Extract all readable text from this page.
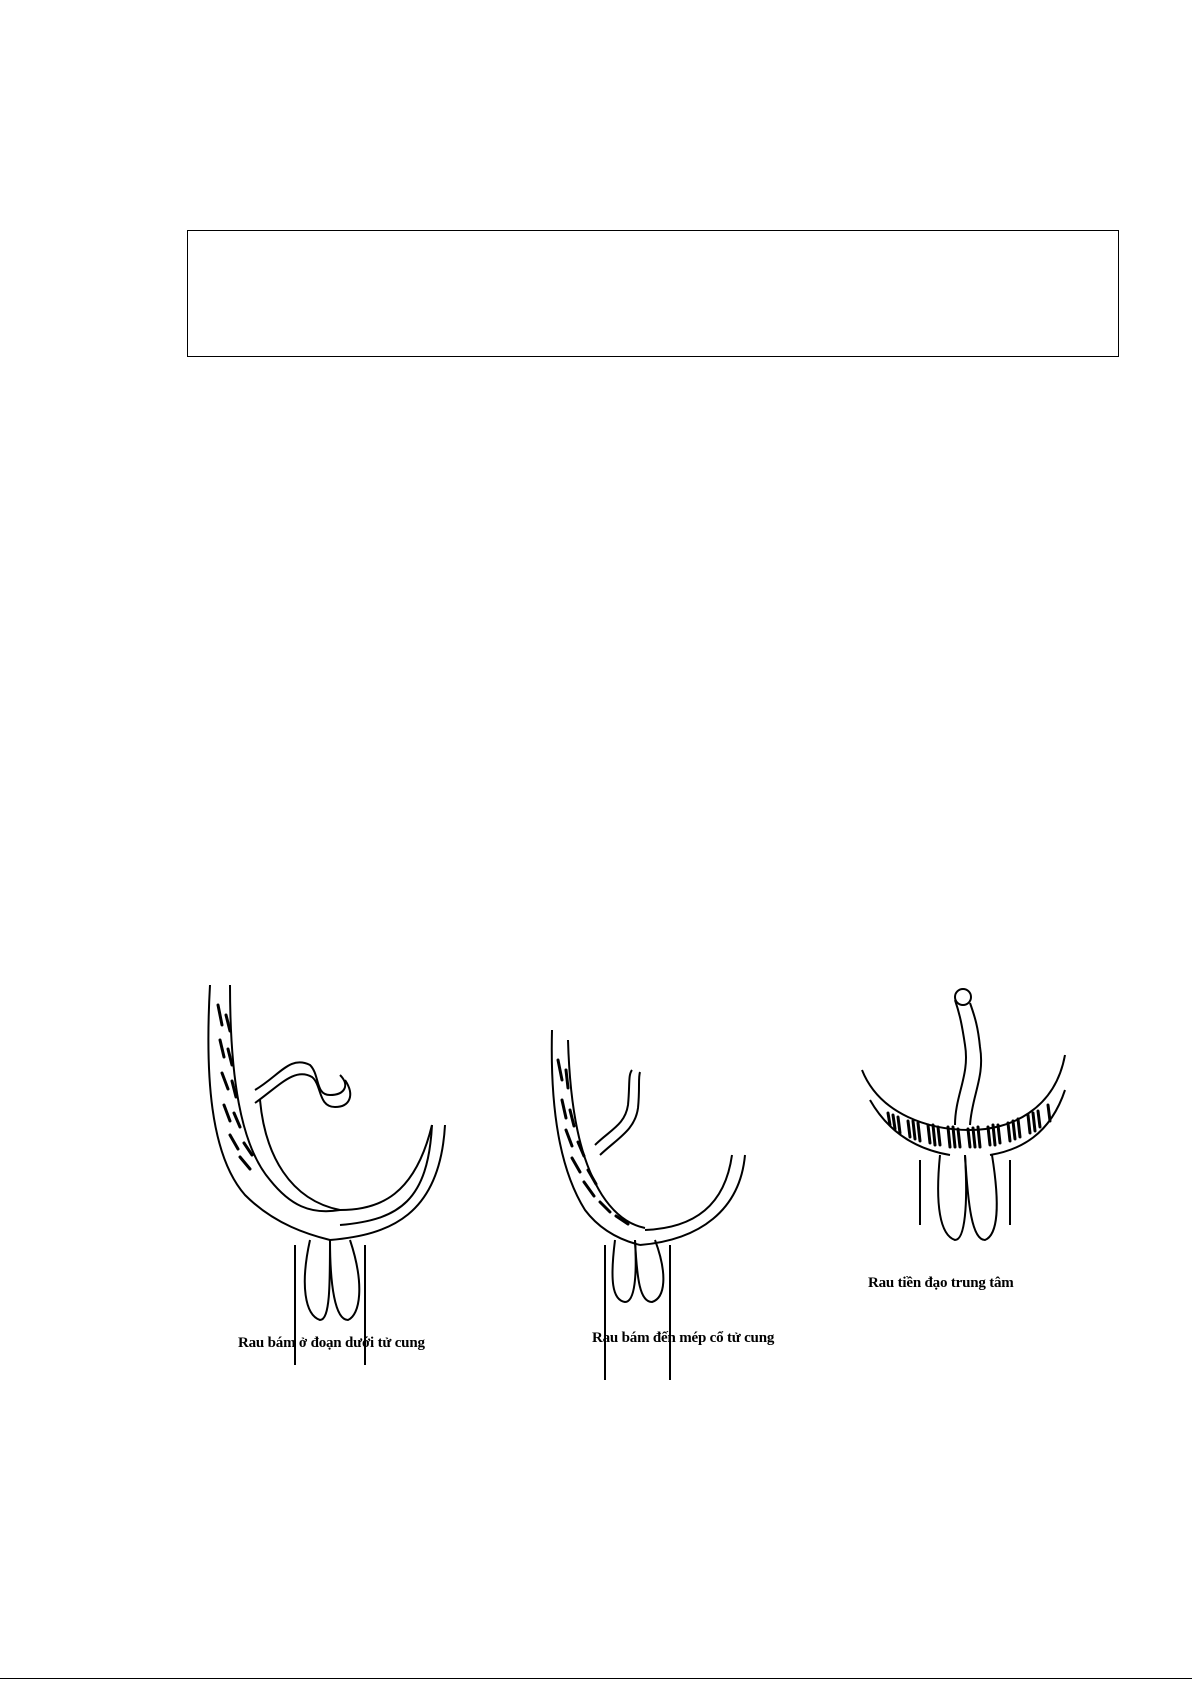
Rau bám ở đoạn dưới tử cung	Rau bám đến mép cổ tử cung
Rau tiền đạo trung tâm
